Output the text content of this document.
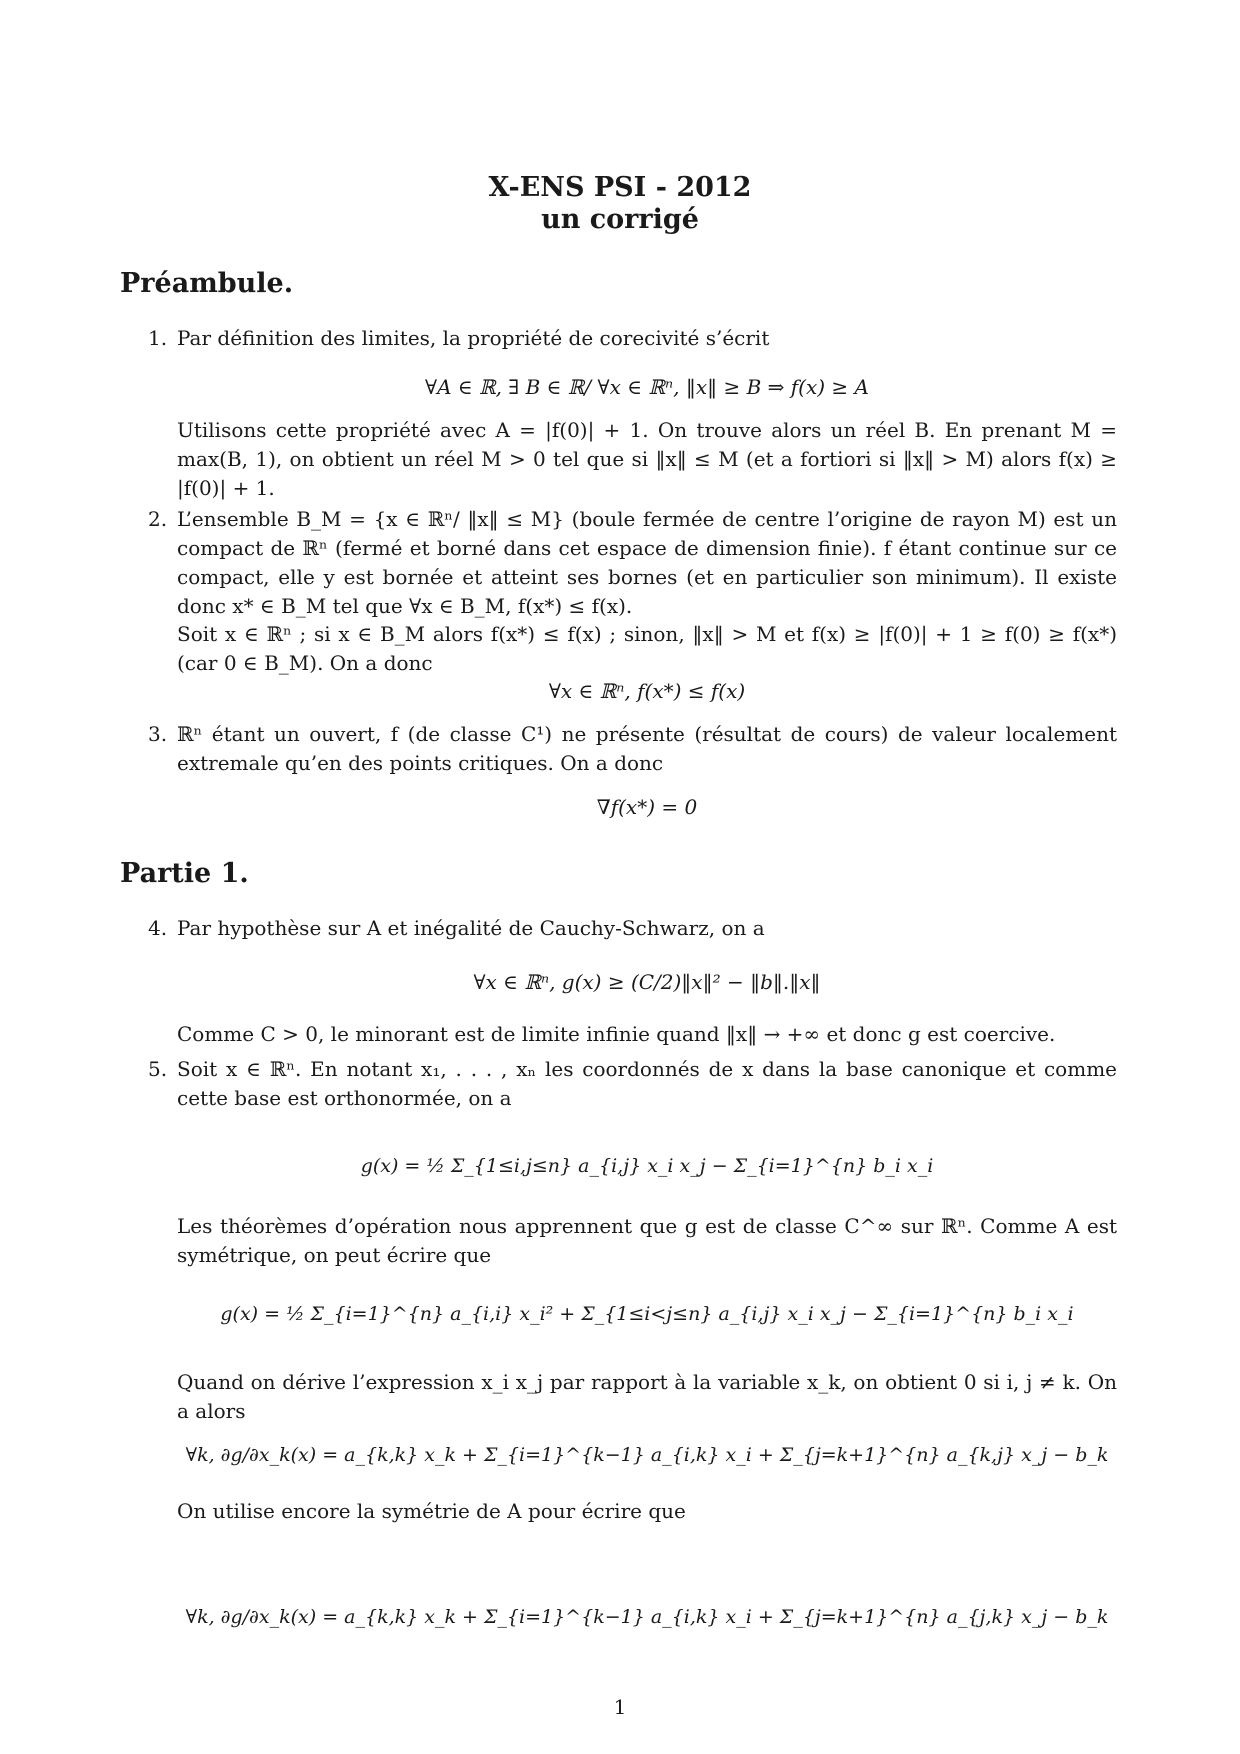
X-ENS PSI - 2012
un corrigé
Préambule.
1. Par définition des limites, la propriété de corecivité s’écrit
∀A ∈ ℝ, ∃ B ∈ ℝ/ ∀x ∈ ℝⁿ, ‖x‖ ≥ B ⇒ f(x) ≥ A
Utilisons cette propriété avec A = |f(0)| + 1. On trouve alors un réel B. En prenant M = max(B, 1), on obtient un réel M > 0 tel que si ‖x‖ ≤ M (et a fortiori si ‖x‖ > M) alors f(x) ≥ |f(0)| + 1.
2. L’ensemble B_M = {x ∈ ℝⁿ/ ‖x‖ ≤ M} (boule fermée de centre l’origine de rayon M) est un compact de ℝⁿ (fermé et borné dans cet espace de dimension finie). f étant continue sur ce compact, elle y est bornée et atteint ses bornes (et en particulier son minimum). Il existe donc x* ∈ B_M tel que ∀x ∈ B_M, f(x*) ≤ f(x).
Soit x ∈ ℝⁿ ; si x ∈ B_M alors f(x*) ≤ f(x) ; sinon, ‖x‖ > M et f(x) ≥ |f(0)| + 1 ≥ f(0) ≥ f(x*) (car 0 ∈ B_M). On a donc
∀x ∈ ℝⁿ, f(x*) ≤ f(x)
3. ℝⁿ étant un ouvert, f (de classe C¹) ne présente (résultat de cours) de valeur localement extremale qu’en des points critiques. On a donc
∇f(x*) = 0
Partie 1.
4. Par hypothèse sur A et inégalité de Cauchy-Schwarz, on a
∀x ∈ ℝⁿ, g(x) ≥ (C/2)‖x‖² − ‖b‖.‖x‖
Comme C > 0, le minorant est de limite infinie quand ‖x‖ → +∞ et donc g est coercive.
5. Soit x ∈ ℝⁿ. En notant x₁, . . . , xₙ les coordonnés de x dans la base canonique et comme cette base est orthonormée, on a
g(x) = ½ Σ_{1≤i,j≤n} a_{i,j} x_i x_j − Σ_{i=1}^{n} b_i x_i
Les théorèmes d’opération nous apprennent que g est de classe C^∞ sur ℝⁿ. Comme A est symétrique, on peut écrire que
g(x) = ½ Σ_{i=1}^{n} a_{i,i} x_i² + Σ_{1≤i<j≤n} a_{i,j} x_i x_j − Σ_{i=1}^{n} b_i x_i
Quand on dérive l’expression x_i x_j par rapport à la variable x_k, on obtient 0 si i, j ≠ k. On a alors
∀k, ∂g/∂x_k(x) = a_{k,k} x_k + Σ_{i=1}^{k−1} a_{i,k} x_i + Σ_{j=k+1}^{n} a_{k,j} x_j − b_k
On utilise encore la symétrie de A pour écrire que
∀k, ∂g/∂x_k(x) = a_{k,k} x_k + Σ_{i=1}^{k−1} a_{i,k} x_i + Σ_{j=k+1}^{n} a_{j,k} x_j − b_k
1
